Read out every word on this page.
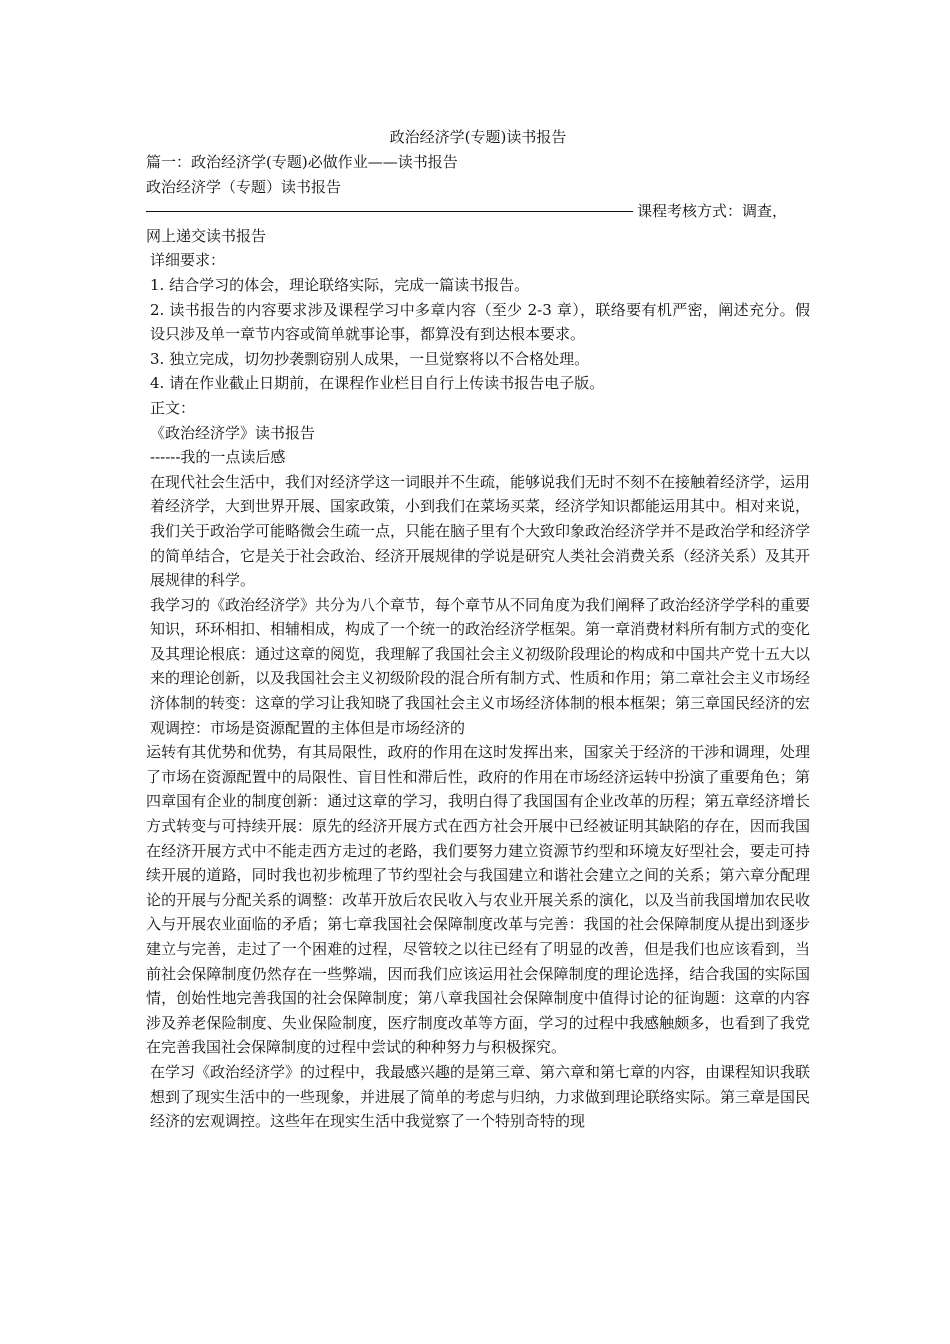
政治经济学(专题)读书报告

篇一：政治经济学(专题)必做作业——读书报告

政治经济学（专题）读书报告

课程考核方式：调查，

网上递交读书报告

详细要求：

1. 结合学习的体会，理论联络实际，完成一篇读书报告。

2. 读书报告的内容要求涉及课程学习中多章内容（至少 2-3 章），联络要有机严密，阐述充分。假设只涉及单一章节内容或简单就事论事，都算没有到达根本要求。

3. 独立完成，切勿抄袭剽窃别人成果，一旦觉察将以不合格处理。

4. 请在作业截止日期前，在课程作业栏目自行上传读书报告电子版。

正文：

《政治经济学》读书报告

------我的一点读后感

在现代社会生活中，我们对经济学这一词眼并不生疏，能够说我们无时不刻不在接触着经济学，运用着经济学，大到世界开展、国家政策，小到我们在菜场买菜，经济学知识都能运用其中。相对来说，我们关于政治学可能略微会生疏一点，只能在脑子里有个大致印象政治经济学并不是政治学和经济学的简单结合，它是关于社会政治、经济开展规律的学说是研究人类社会消费关系（经济关系）及其开展规律的科学。

我学习的《政治经济学》共分为八个章节，每个章节从不同角度为我们阐释了政治经济学学科的重要知识，环环相扣、相辅相成，构成了一个统一的政治经济学框架。第一章消费材料所有制方式的变化及其理论根底：通过这章的阅览，我理解了我国社会主义初级阶段理论的构成和中国共产党十五大以来的理论创新，以及我国社会主义初级阶段的混合所有制方式、性质和作用；第二章社会主义市场经济体制的转变：这章的学习让我知晓了我国社会主义市场经济体制的根本框架；第三章国民经济的宏观调控：市场是资源配置的主体但是市场经济的

运转有其优势和优势，有其局限性，政府的作用在这时发挥出来，国家关于经济的干涉和调理，处理了市场在资源配置中的局限性、盲目性和滞后性，政府的作用在市场经济运转中扮演了重要角色；第四章国有企业的制度创新：通过这章的学习，我明白得了我国国有企业改革的历程；第五章经济增长方式转变与可持续开展：原先的经济开展方式在西方社会开展中已经被证明其缺陷的存在，因而我国在经济开展方式中不能走西方走过的老路，我们要努力建立资源节约型和环境友好型社会，要走可持续开展的道路，同时我也初步梳理了节约型社会与我国建立和谐社会建立之间的关系；第六章分配理论的开展与分配关系的调整：改革开放后农民收入与农业开展关系的演化，以及当前我国增加农民收入与开展农业面临的矛盾；第七章我国社会保障制度改革与完善：我国的社会保障制度从提出到逐步建立与完善，走过了一个困难的过程，尽管较之以往已经有了明显的改善，但是我们也应该看到，当前社会保障制度仍然存在一些弊端，因而我们应该运用社会保障制度的理论选择，结合我国的实际国情，创始性地完善我国的社会保障制度；第八章我国社会保障制度中值得讨论的征询题：这章的内容涉及养老保险制度、失业保险制度，医疗制度改革等方面，学习的过程中我感触颇多，也看到了我党在完善我国社会保障制度的过程中尝试的种种努力与积极探究。

在学习《政治经济学》的过程中，我最感兴趣的是第三章、第六章和第七章的内容，由课程知识我联想到了现实生活中的一些现象，并进展了简单的考虑与归纳，力求做到理论联络实际。第三章是国民经济的宏观调控。这些年在现实生活中我觉察了一个特别奇特的现
